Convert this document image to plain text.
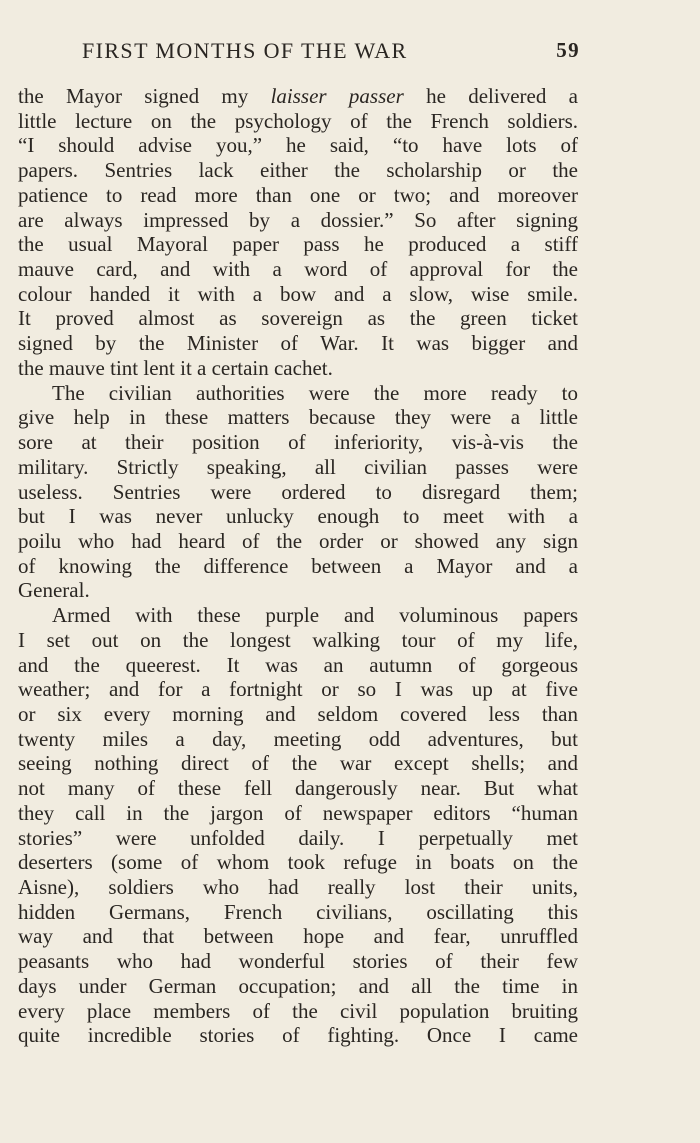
FIRST MONTHS OF THE WAR	59
the Mayor signed my laisser passer he delivered a
little lecture on the psychology of the French soldiers.
“I should advise you,” he said, “to have lots of
papers. Sentries lack either the scholarship or the
patience to read more than one or two; and moreover
are always impressed by a dossier.” So after signing
the usual Mayoral paper pass he produced a stiff
mauve card, and with a word of approval for the
colour handed it with a bow and a slow, wise smile.
It proved almost as sovereign as the green ticket
signed by the Minister of War. It was bigger and
the mauve tint lent it a certain cachet.
The civilian authorities were the more ready to
give help in these matters because they were a little
sore at their position of inferiority, vis-à-vis the
military. Strictly speaking, all civilian passes were
useless. Sentries were ordered to disregard them;
but I was never unlucky enough to meet with a
poilu who had heard of the order or showed any sign
of knowing the difference between a Mayor and a
General.
Armed with these purple and voluminous papers
I set out on the longest walking tour of my life,
and the queerest. It was an autumn of gorgeous
weather; and for a fortnight or so I was up at five
or six every morning and seldom covered less than
twenty miles a day, meeting odd adventures, but
seeing nothing direct of the war except shells; and
not many of these fell dangerously near. But what
they call in the jargon of newspaper editors “human
stories” were unfolded daily. I perpetually met
deserters (some of whom took refuge in boats on the
Aisne), soldiers who had really lost their units,
hidden Germans, French civilians, oscillating this
way and that between hope and fear, unruffled
peasants who had wonderful stories of their few
days under German occupation; and all the time in
every place members of the civil population bruiting
quite incredible stories of fighting. Once I came
